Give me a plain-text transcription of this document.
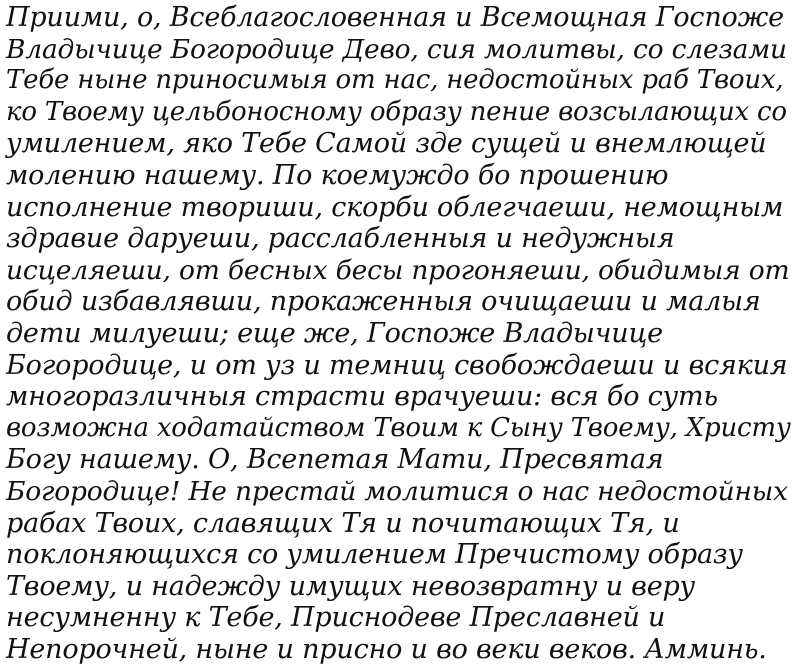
Приими, о, Всеблагословенная и Всемощная Госпоже
Владычице Богородице Дево, сия молитвы, со слезами
Тебе ныне приносимыя от нас, недостойных раб Твоих,
ко Твоему цельбоносному образу пение возсылающих со
умилением, яко Тебе Самой зде сущей и внемлющей
молению нашему. По коемуждо бо прошению
исполнение твориши, скорби облегчаеши, немощным
здравие даруеши, расслабленныя и недужныя
исцеляеши, от бесных бесы прогоняеши, обидимыя от
обид избавлявши, прокаженныя очищаеши и малыя
дети милуеши; еще же, Госпоже Владычице
Богородице, и от уз и темниц свобождаеши и всякия
многоразличныя страсти врачуеши: вся бо суть
возможна ходатайством Твоим к Сыну Твоему, Христу
Богу нашему. О, Всепетая Мати, Пресвятая
Богородице! Не престай молитися о нас недостойных
рабах Твоих, славящих Тя и почитающих Тя, и
поклоняющихся со умилением Пречистому образу
Твоему, и надежду имущих невозвратну и веру
несумненну к Тебе, Приснодеве Преславней и
Непорочней, ныне и присно и во веки веков. Амминь.
